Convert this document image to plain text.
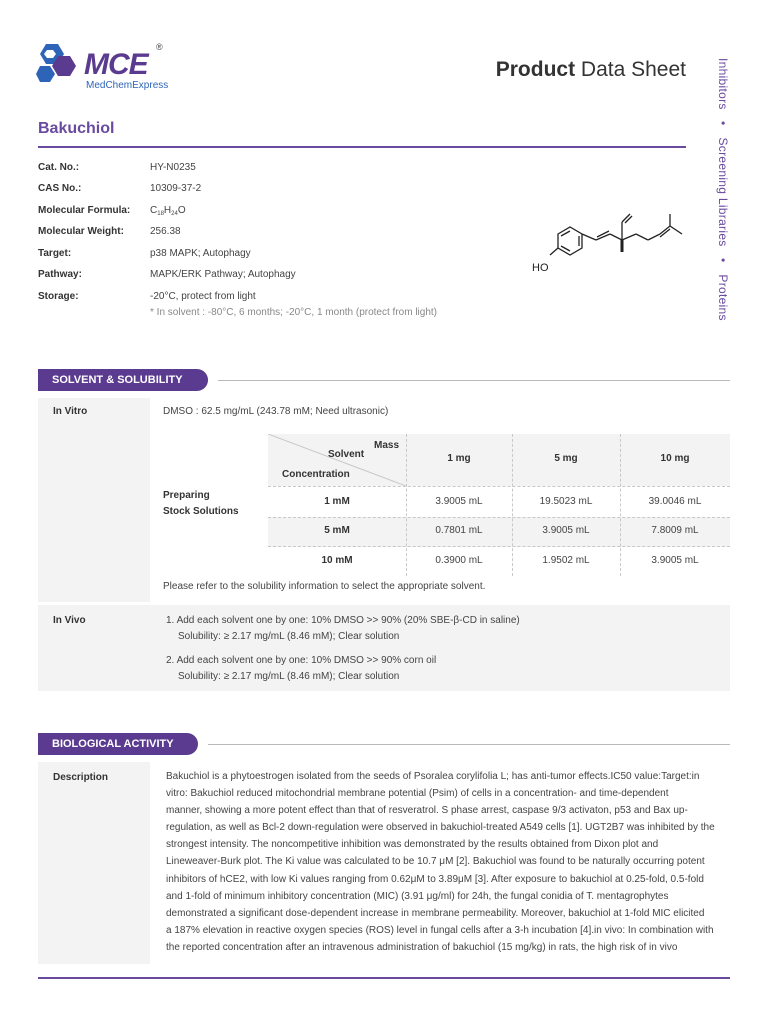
MCE
®
MedChemExpress
Product Data Sheet	Inhibitors • Screening Libraries • Proteins
Bakuchiol
Cat. No.:	HY-N0235
CAS No.:	10309-37-2
Molecular Formula: $C_{18}H_{24}O$
Molecular Weight:	256.38
Target:	p38 MAPK; Autophagy
Pathway:	MAPK/ERK Pathway; Autophagy
Storage:	-20°C, protect from light
* In solvent : -80°C, 6 months; -20°C, 1 month (protect from light)
HO
SOLVENT & SOLUBILITY
In Vitro	DMSO : 62.5 mg/mL (243.78 mM; Need ultrasonic)
Preparing
Stock Solutions
Mass
Solvent
Concentration
1 mg	5 mg	10 mg
1 mM	3.9005 mL	19.5023 mL	39.0046 mL
5 mM	0.7801 mL	3.9005 mL	7.8009 mL
10 mM	0.3900 mL	1.9502 mL	3.9005 mL
Please refer to the solubility information to select the appropriate solvent.
In Vivo	1. Add each solvent one by one: 10% DMSO >> 90% (20% SBE-β-CD in saline)
Solubility: ≥ 2.17 mg/mL (8.46 mM); Clear solution
2. Add each solvent one by one: 10% DMSO >> 90% corn oil
Solubility: ≥ 2.17 mg/mL (8.46 mM); Clear solution
BIOLOGICAL ACTIVITY
Description	Bakuchiol is a phytoestrogen isolated from the seeds of Psoralea corylifolia L; has anti-tumor effects.IC50 value:Target:in
vitro: Bakuchiol reduced mitochondrial membrane potential (Psim) of cells in a concentration- and time-dependent
manner, showing a more potent effect than that of resveratrol. S phase arrest, caspase 9/3 activaton, p53 and Bax up-
regulation, as well as Bcl-2 down-regulation were observed in bakuchiol-treated A549 cells [1]. UGT2B7 was inhibited by the
strongest intensity. The noncompetitive inhibition was demonstrated by the results obtained from Dixon plot and
Lineweaver-Burk plot. The Ki value was calculated to be 10.7 μM [2]. Bakuchiol was found to be naturally occurring potent
inhibitors of hCE2, with low Ki values ranging from 0.62μM to 3.89μM [3]. After exposure to bakuchiol at 0.25-fold, 0.5-fold
and 1-fold of minimum inhibitory concentration (MIC) (3.91 μg/ml) for 24h, the fungal conidia of T. mentagrophytes
demonstrated a significant dose-dependent increase in membrane permeability. Moreover, bakuchiol at 1-fold MIC elicited
a 187% elevation in reactive oxygen species (ROS) level in fungal cells after a 3-h incubation [4].in vivo: In combination with
the reported concentration after an intravenous administration of bakuchiol (15 mg/kg) in rats, the high risk of in vivo
